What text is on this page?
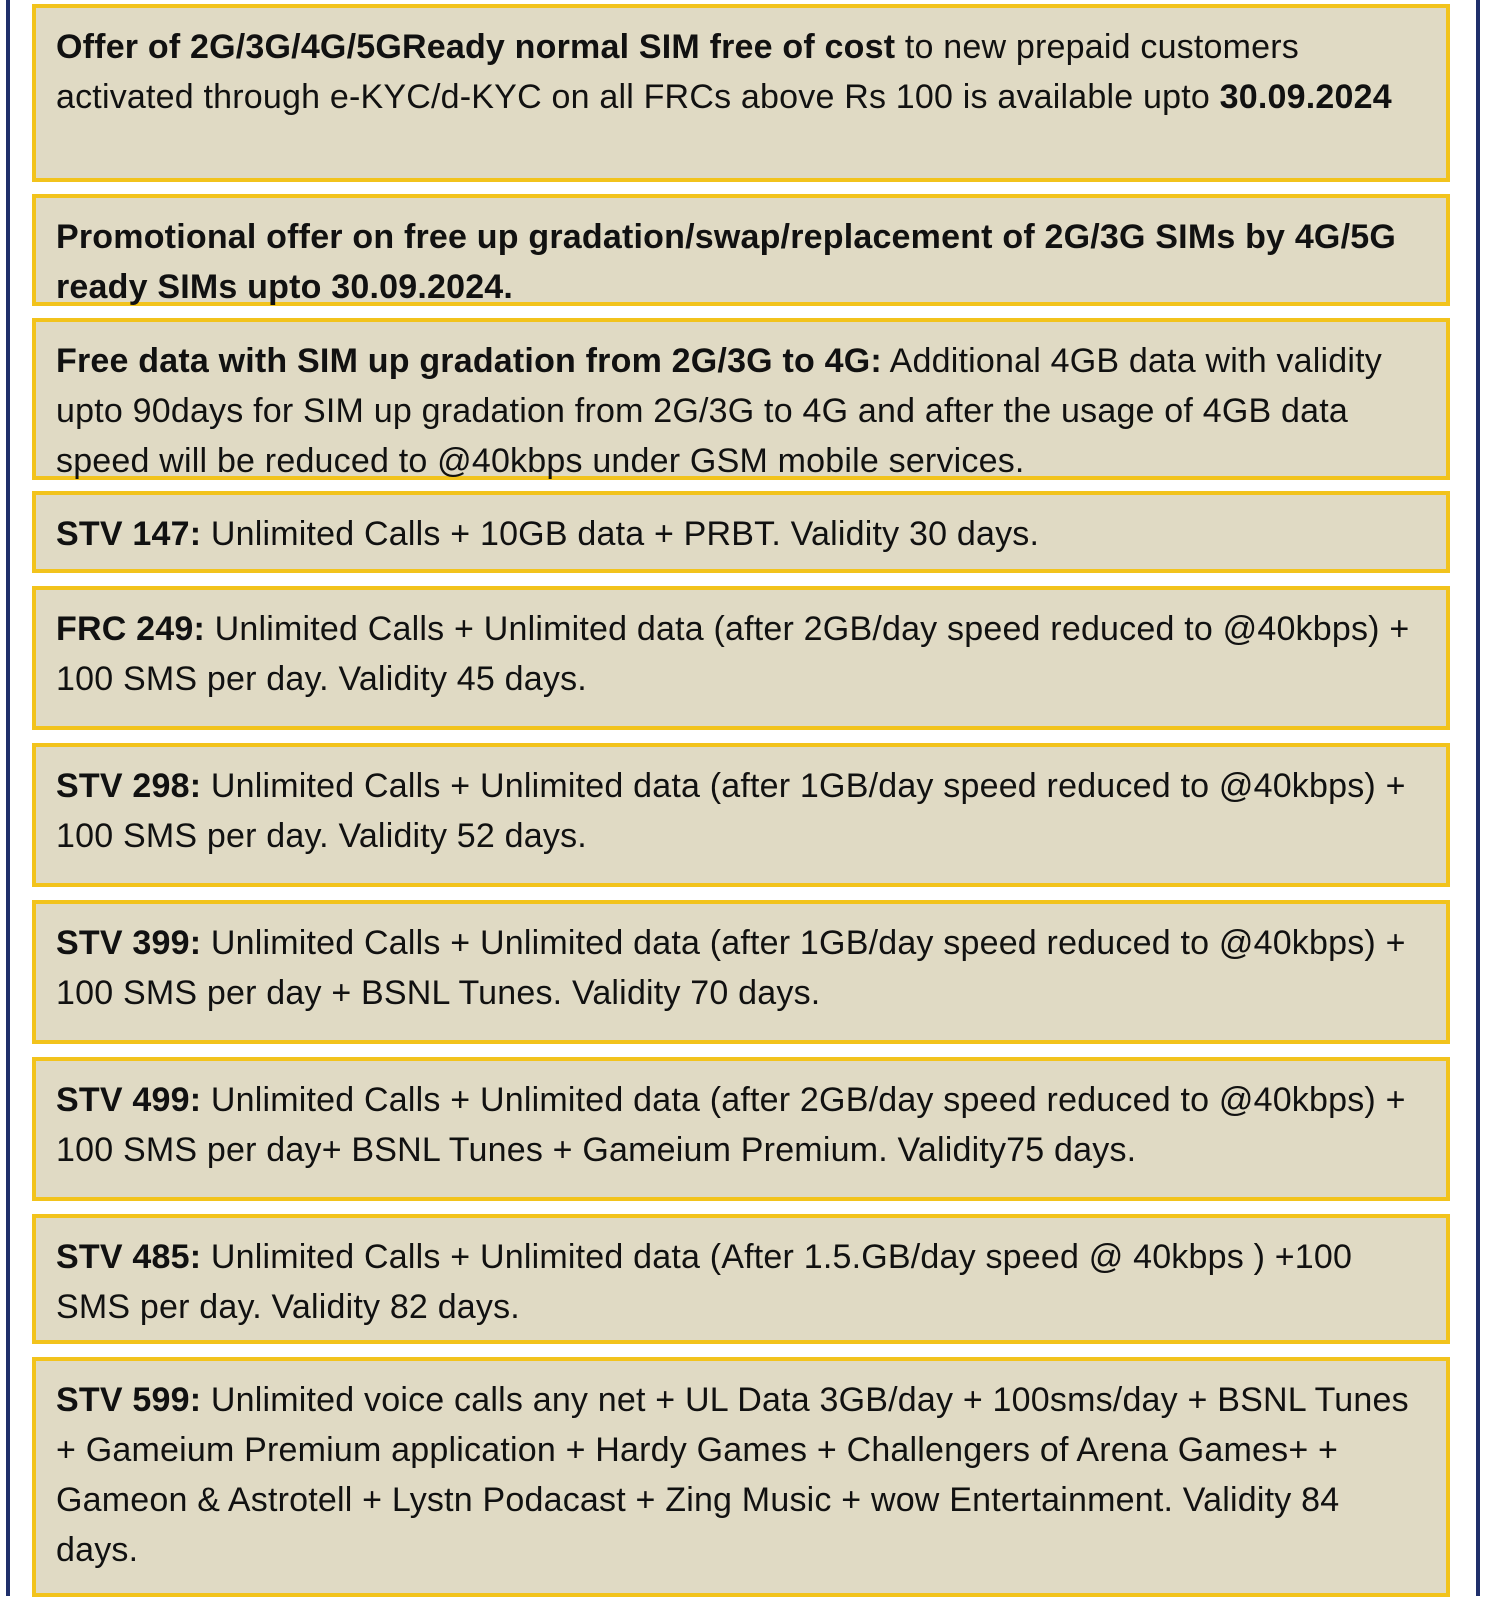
Offer of 2G/3G/4G/5GReady normal SIM free of cost to new prepaid customers activated through e-KYC/d-KYC on all FRCs above Rs 100 is available upto 30.09.2024
Promotional offer on free up gradation/swap/replacement of 2G/3G SIMs by 4G/5G ready SIMs upto 30.09.2024.
Free data with SIM up gradation from 2G/3G to 4G: Additional 4GB data with validity upto 90days for SIM up gradation from 2G/3G to 4G and after the usage of 4GB data speed will be reduced to @40kbps under GSM mobile services.
STV 147: Unlimited Calls + 10GB data + PRBT. Validity 30 days.
FRC 249: Unlimited Calls + Unlimited data (after 2GB/day speed reduced to @40kbps) + 100 SMS per day. Validity 45 days.
STV 298: Unlimited Calls + Unlimited data (after 1GB/day speed reduced to @40kbps) + 100 SMS per day. Validity 52 days.
STV 399: Unlimited Calls + Unlimited data (after 1GB/day speed reduced to @40kbps) + 100 SMS per day + BSNL Tunes. Validity 70 days.
STV 499: Unlimited Calls + Unlimited data (after 2GB/day speed reduced to @40kbps) + 100 SMS per day+ BSNL Tunes + Gameium Premium. Validity75 days.
STV 485: Unlimited Calls + Unlimited data (After 1.5.GB/day speed @ 40kbps ) +100 SMS per day. Validity 82 days.
STV 599: Unlimited voice calls any net + UL Data 3GB/day + 100sms/day + BSNL Tunes + Gameium Premium application + Hardy Games + Challengers of Arena Games+ + Gameon & Astrotell + Lystn Podacast + Zing Music + wow Entertainment. Validity 84 days.
